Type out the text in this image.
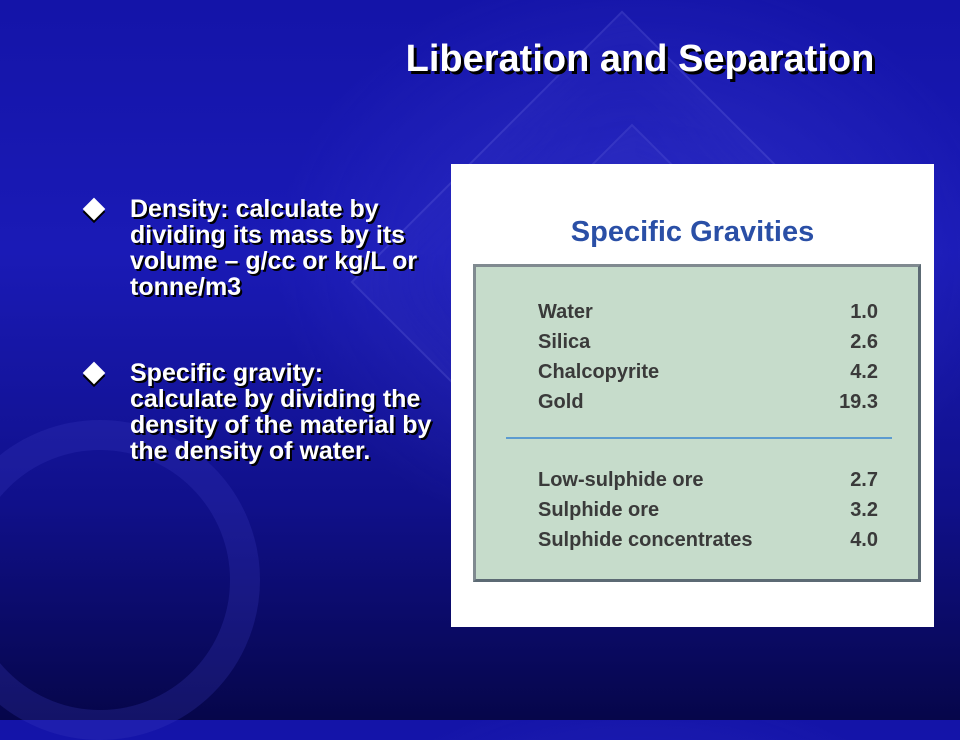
Liberation and Separation
Density: calculate by dividing its mass by its volume – g/cc or kg/L or tonne/m3
Specific gravity: calculate by dividing the density of the material by the density of water.
Specific Gravities
Water	1.0
Silica	2.6
Chalcopyrite	4.2
Gold	19.3
Low-sulphide ore	2.7
Sulphide ore	3.2
Sulphide concentrates	4.0
